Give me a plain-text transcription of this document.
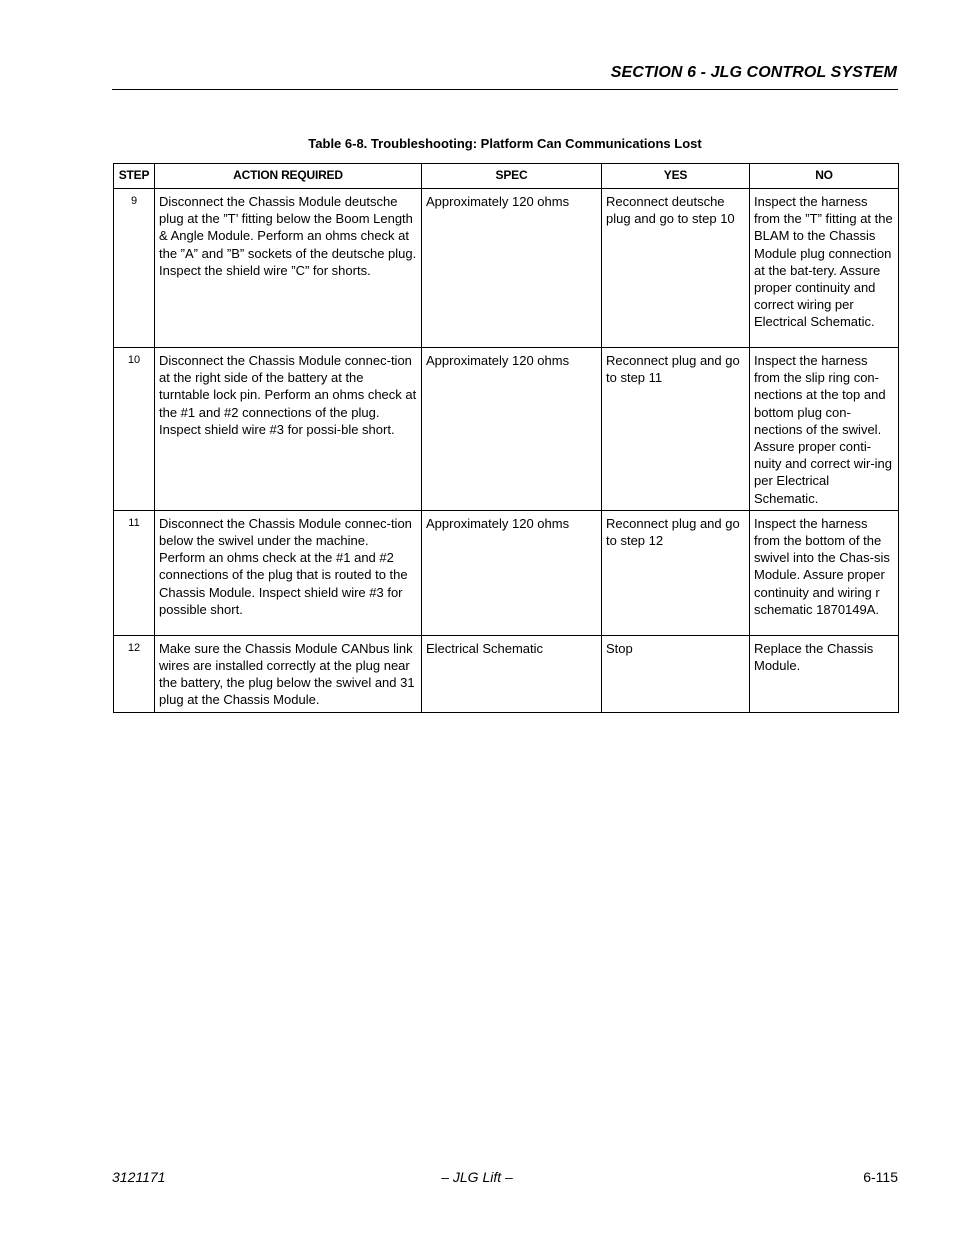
SECTION 6 - JLG CONTROL SYSTEM
Table 6-8. Troubleshooting: Platform Can Communications Lost
STEP	ACTION REQUIRED	SPEC	YES	NO
9	Disconnect the Chassis Module deutsche plug at the ”T’ fitting below the Boom Length & Angle Module. Perform an ohms check at the ”A” and ”B” sockets of the deutsche plug. Inspect the shield wire ”C” for shorts.	Approximately 120 ohms	Reconnect deutsche plug and go to step 10	Inspect the harness from the ”T” fitting at the BLAM to the Chassis Module plug connection at the bat-tery. Assure proper continuity and correct wiring per Electrical Schematic.
10	Disconnect the Chassis Module connec-tion at the right side of the battery at the turntable lock pin. Perform an ohms check at the #1 and #2 connections of the plug. Inspect shield wire #3 for possi-ble short.	Approximately 120 ohms	Reconnect plug and go to step 11	Inspect the harness from the slip ring con-nections at the top and bottom plug con-nections of the swivel. Assure proper conti-nuity and correct wir-ing per Electrical Schematic.
11	Disconnect the Chassis Module connec-tion below the swivel under the machine. Perform an ohms check at the #1 and #2 connections of the plug that is routed to the Chassis Module. Inspect shield wire #3 for possible short.	Approximately 120 ohms	Reconnect plug and go to step 12	Inspect the harness from the bottom of the swivel into the Chas-sis Module. Assure proper continuity and wiring r schematic 1870149A.
12	Make sure the Chassis Module CANbus link wires are installed correctly at the plug near the battery, the plug below the swivel and 31 plug at the Chassis Module.	Electrical Schematic	Stop	Replace the Chassis Module.
3121171	– JLG Lift –	6-115
